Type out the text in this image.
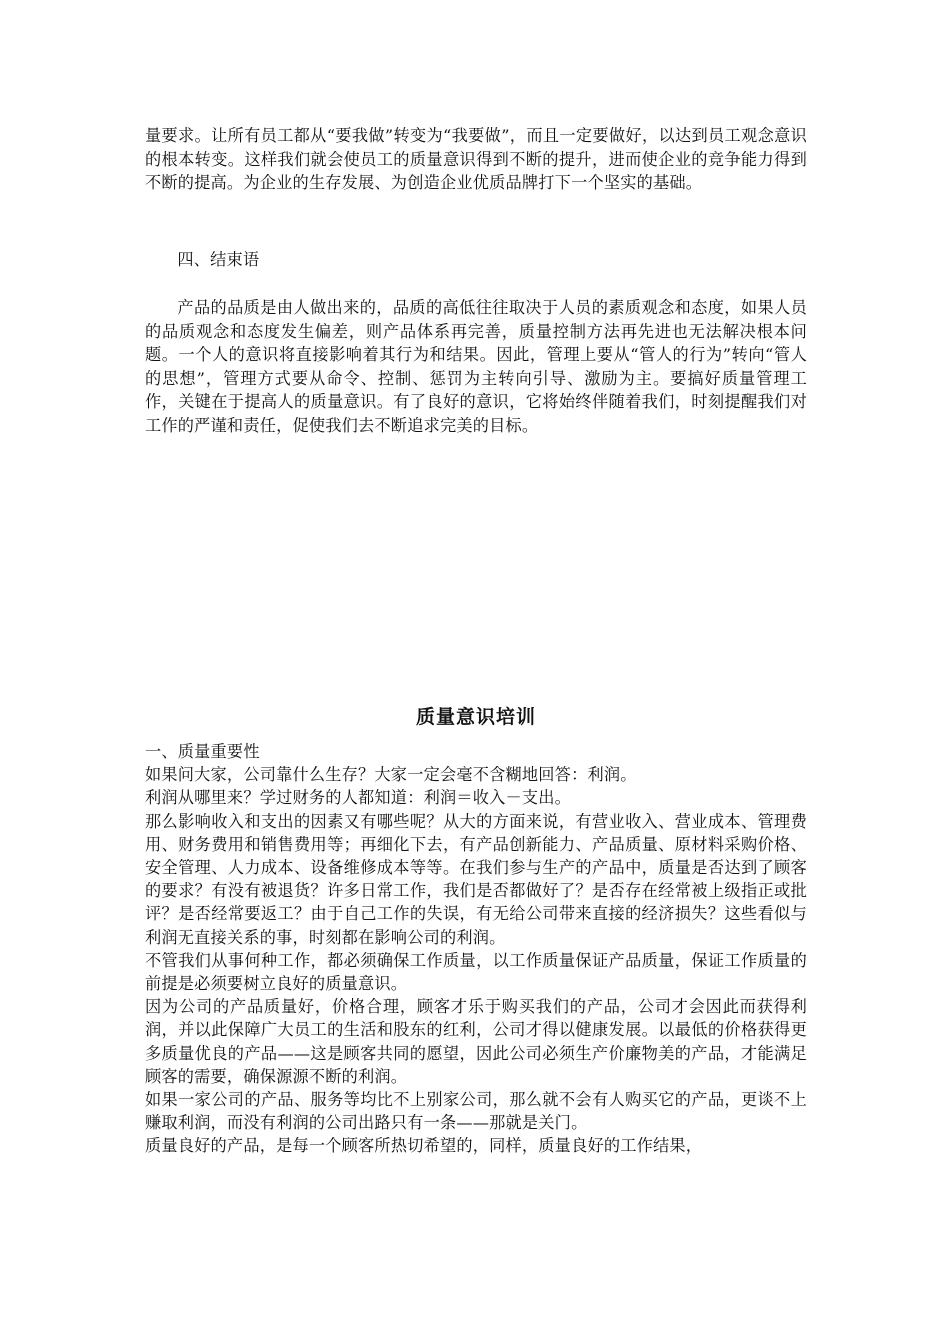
量要求。让所有员工都从“要我做”转变为“我要做”，而且一定要做好，以达到员工观念意识的根本转变。这样我们就会使员工的质量意识得到不断的提升，进而使企业的竞争能力得到不断的提高。为企业的生存发展、为创造企业优质品牌打下一个坚实的基础。

四、结束语

产品的品质是由人做出来的，品质的高低往往取决于人员的素质观念和态度，如果人员的品质观念和态度发生偏差，则产品体系再完善，质量控制方法再先进也无法解决根本问题。一个人的意识将直接影响着其行为和结果。因此，管理上要从“管人的行为”转向“管人的思想”，管理方式要从命令、控制、惩罚为主转向引导、激励为主。要搞好质量管理工作，关键在于提高人的质量意识。有了良好的意识，它将始终伴随着我们，时刻提醒我们对工作的严谨和责任，促使我们去不断追求完美的目标。

质量意识培训

一、质量重要性

如果问大家，公司靠什么生存？大家一定会毫不含糊地回答：利润。

利润从哪里来？学过财务的人都知道：利润＝收入－支出。

那么影响收入和支出的因素又有哪些呢？从大的方面来说，有营业收入、营业成本、管理费用、财务费用和销售费用等；再细化下去，有产品创新能力、产品质量、原材料采购价格、安全管理、人力成本、设备维修成本等等。在我们参与生产的产品中，质量是否达到了顾客的要求？有没有被退货？许多日常工作，我们是否都做好了？是否存在经常被上级指正或批评？是否经常要返工？由于自己工作的失误，有无给公司带来直接的经济损失？这些看似与利润无直接关系的事，时刻都在影响公司的利润。

不管我们从事何种工作，都必须确保工作质量，以工作质量保证产品质量，保证工作质量的前提是必须要树立良好的质量意识。

因为公司的产品质量好，价格合理，顾客才乐于购买我们的产品，公司才会因此而获得利润，并以此保障广大员工的生活和股东的红利，公司才得以健康发展。以最低的价格获得更多质量优良的产品——这是顾客共同的愿望，因此公司必须生产价廉物美的产品，才能满足顾客的需要，确保源源不断的利润。

如果一家公司的产品、服务等均比不上别家公司，那么就不会有人购买它的产品，更谈不上赚取利润，而没有利润的公司出路只有一条——那就是关门。

质量良好的产品，是每一个顾客所热切希望的，同样，质量良好的工作结果，
